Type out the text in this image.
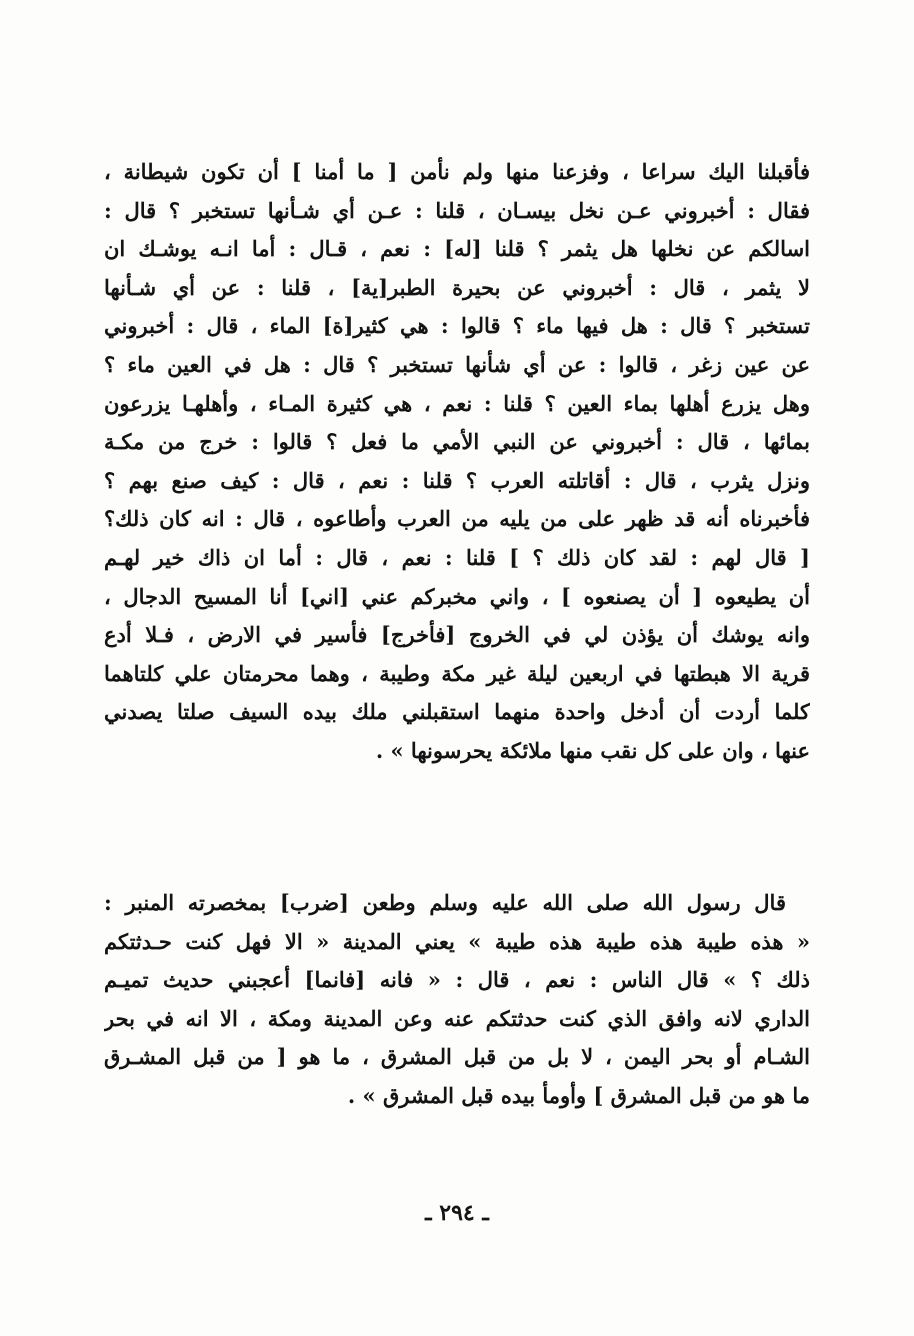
فأقبلنا اليك سراعا ، وفزعنا منها ولم نأمن [ ما أمنا ] أن تكون شيطانة ،
فقال : أخبروني عـن نخل بيسـان ، قلنا : عـن أي شـأنها تستخبر ؟ قال :
اسالكم عن نخلها هل يثمر ؟ قلنا [له] : نعم ، قـال : أما انـه يوشـك ان
لا يثمر ، قال : أخبروني عن بحيرة الطبر[ية] ، قلنا : عن أي شـأنها
تستخبر ؟ قال : هل فيها ماء ؟ قالوا : هي كثير[ة] الماء ، قال : أخبروني
عن عين زغر ، قالوا : عن أي شأنها تستخبر ؟ قال : هل في العين ماء ؟
وهل يزرع أهلها بماء العين ؟ قلنا : نعم ، هي كثيرة المـاء ، وأهلهـا يزرعون
بمائها ، قال : أخبروني عن النبي الأمي ما فعل ؟ قالوا : خرج من مكـة
ونزل يثرب ، قال : أقاتلته العرب ؟ قلنا : نعم ، قال : كيف صنع بهم ؟
فأخبرناه أنه قد ظهر على من يليه من العرب وأطاعوه ، قال : انه كان ذلك؟
[ قال لهم : لقد كان ذلك ؟ ] قلنا : نعم ، قال : أما ان ذاك خير لهـم
أن يطيعوه [ أن يصنعوه ] ، واني مخبركم عني [اني] أنا المسيح الدجال ،
وانه يوشك أن يؤذن لي في الخروج [فأخرج] فأسير في الارض ، فـلا أدع
قرية الا هبطتها في اربعين ليلة غير مكة وطيبة ، وهما محرمتان علي كلتاهما
كلما أردت أن أدخل واحدة منهما استقبلني ملك بيده السيف صلتا يصدني
عنها ، وان على كل نقب منها ملائكة يحرسونها » .
قال رسول الله صلى الله عليه وسلم وطعن [ضرب] بمخصرته المنبر :
« هذه طيبة هذه طيبة هذه طيبة » يعني المدينة « الا فهل كنت حـدثتكم
ذلك ؟ » قال الناس : نعم ، قال : « فانه [فانما] أعجبني حديث تميـم
الداري لانه وافق الذي كنت حدثتكم عنه وعن المدينة ومكة ، الا انه في بحر
الشـام أو بحر اليمن ، لا بل من قبل المشرق ، ما هو [ من قبل المشـرق
ما هو من قبل المشرق ] وأومأ بيده قبل المشرق » .
ـ ٢٩٤ ـ
